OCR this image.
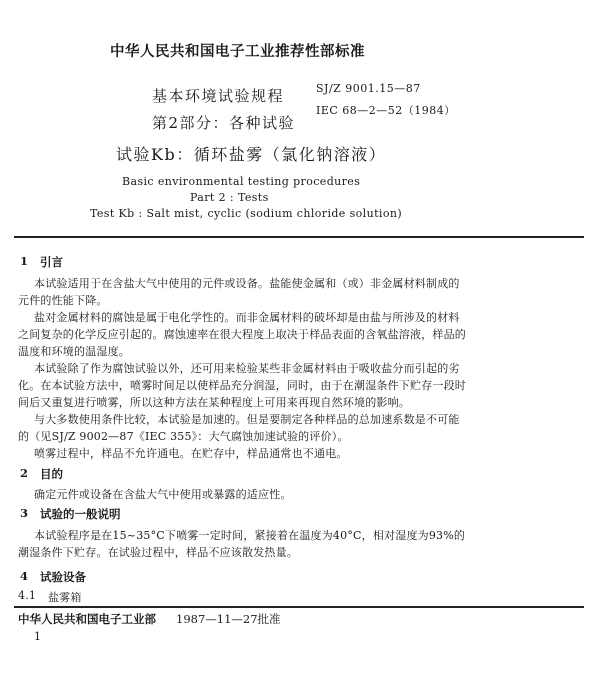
中华人民共和国电子工业推荐性部标准
SJ/Z 9001.15—87
IEC 68—2—52（1984）
基本环境试验规程
第2部分：各种试验
试验Kb：循环盐雾（氯化钠溶液）
Basic environmental testing procedures
Part 2 : Tests
Test Kb : Salt mist, cyclic (sodium chloride solution)
1 引言
本试验适用于在含盐大气中使用的元件或设备。盐能使金属和（或）非金属材料制成的
元件的性能下降。
盐对金属材料的腐蚀是属于电化学性的。而非金属材料的破坏却是由盐与所涉及的材料
之间复杂的化学反应引起的。腐蚀速率在很大程度上取决于样品表面的含氧盐溶液，样品的
温度和环境的温湿度。
本试验除了作为腐蚀试验以外，还可用来检验某些非金属材料由于吸收盐分而引起的劣
化。在本试验方法中，喷雾时间足以使样品充分润湿，同时，由于在潮湿条件下贮存一段时
间后又重复进行喷雾，所以这种方法在某种程度上可用来再现自然环境的影响。
与大多数使用条件比较，本试验是加速的。但是要制定各种样品的总加速系数是不可能
的（见SJ/Z 9002—87《IEC 355》：大气腐蚀加速试验的评价）。
喷雾过程中，样品不允许通电。在贮存中，样品通常也不通电。
2 目的
确定元件或设备在含盐大气中使用或暴露的适应性。
3 试验的一般说明
本试验程序是在15~35°C下喷雾一定时间，紧接着在温度为40°C，相对湿度为93%的
潮湿条件下贮存。在试验过程中，样品不应该散发热量。
4 试验设备
4.1 盐雾箱
中华人民共和国电子工业部 1987—11—27批准
1
